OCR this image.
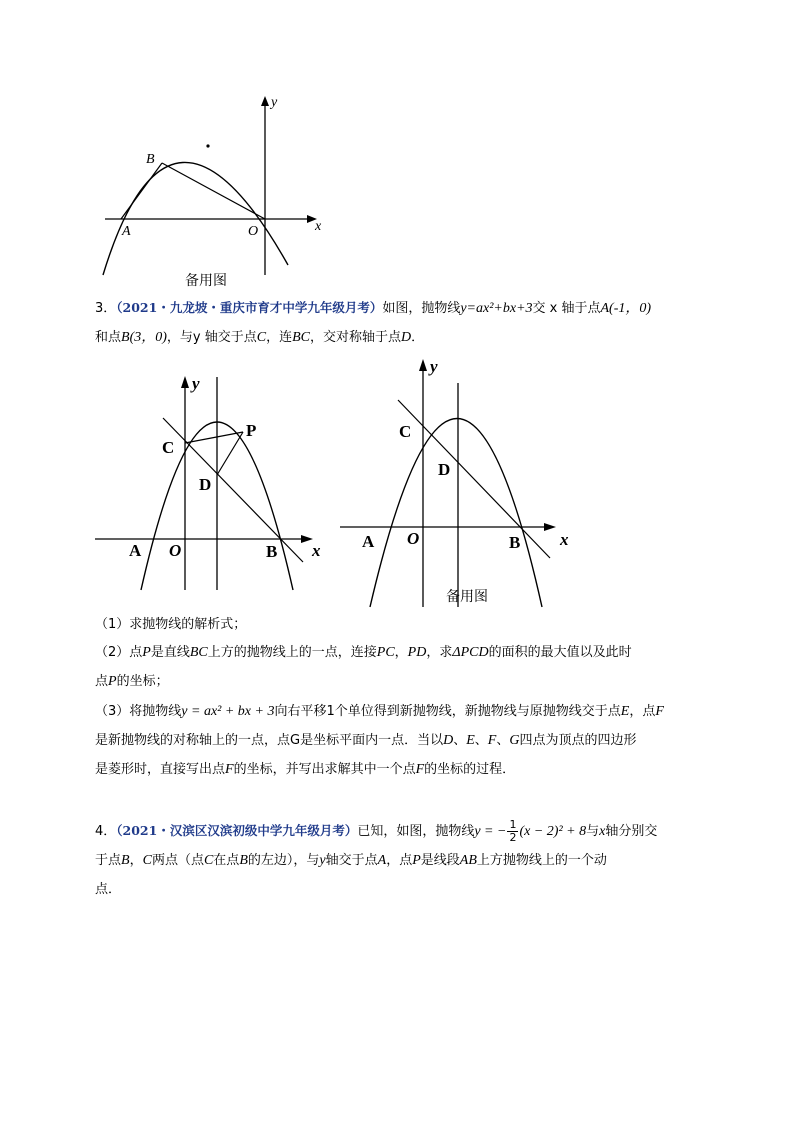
y
x
A
B
O
备用图
3．（2021・九龙坡・重庆市育才中学九年级月考）如图，抛物线y=ax²+bx+3交 x 轴于点A(-1，0)
和点B(3，0)，与y 轴交于点C，连BC，交对称轴于点D．
y
x
C
P
D
A O	B
y
x
C
D
A O	B
备用图
（1）求抛物线的解析式；
（2）点P是直线BC上方的抛物线上的一点，连接PC，PD，求ΔPCD的面积的最大值以及此时
点P的坐标；
（3）将抛物线y = ax² + bx + 3向右平移1个单位得到新抛物线，新抛物线与原抛物线交于点E，点F
是新抛物线的对称轴上的一点，点G是坐标平面内一点．当以D、E、F、G四点为顶点的四边形
是菱形时，直接写出点F的坐标，并写出求解其中一个点F的坐标的过程．
4．（2021・汉滨区汉滨初级中学九年级月考）已知，如图，抛物线y = − $\frac{1}{2} (x - 2)^2 + 8$与x轴分别交
于点B，C两点（点C在点B的左边），与y轴交于点A，点P是线段AB上方抛物线上的一个动
点．
